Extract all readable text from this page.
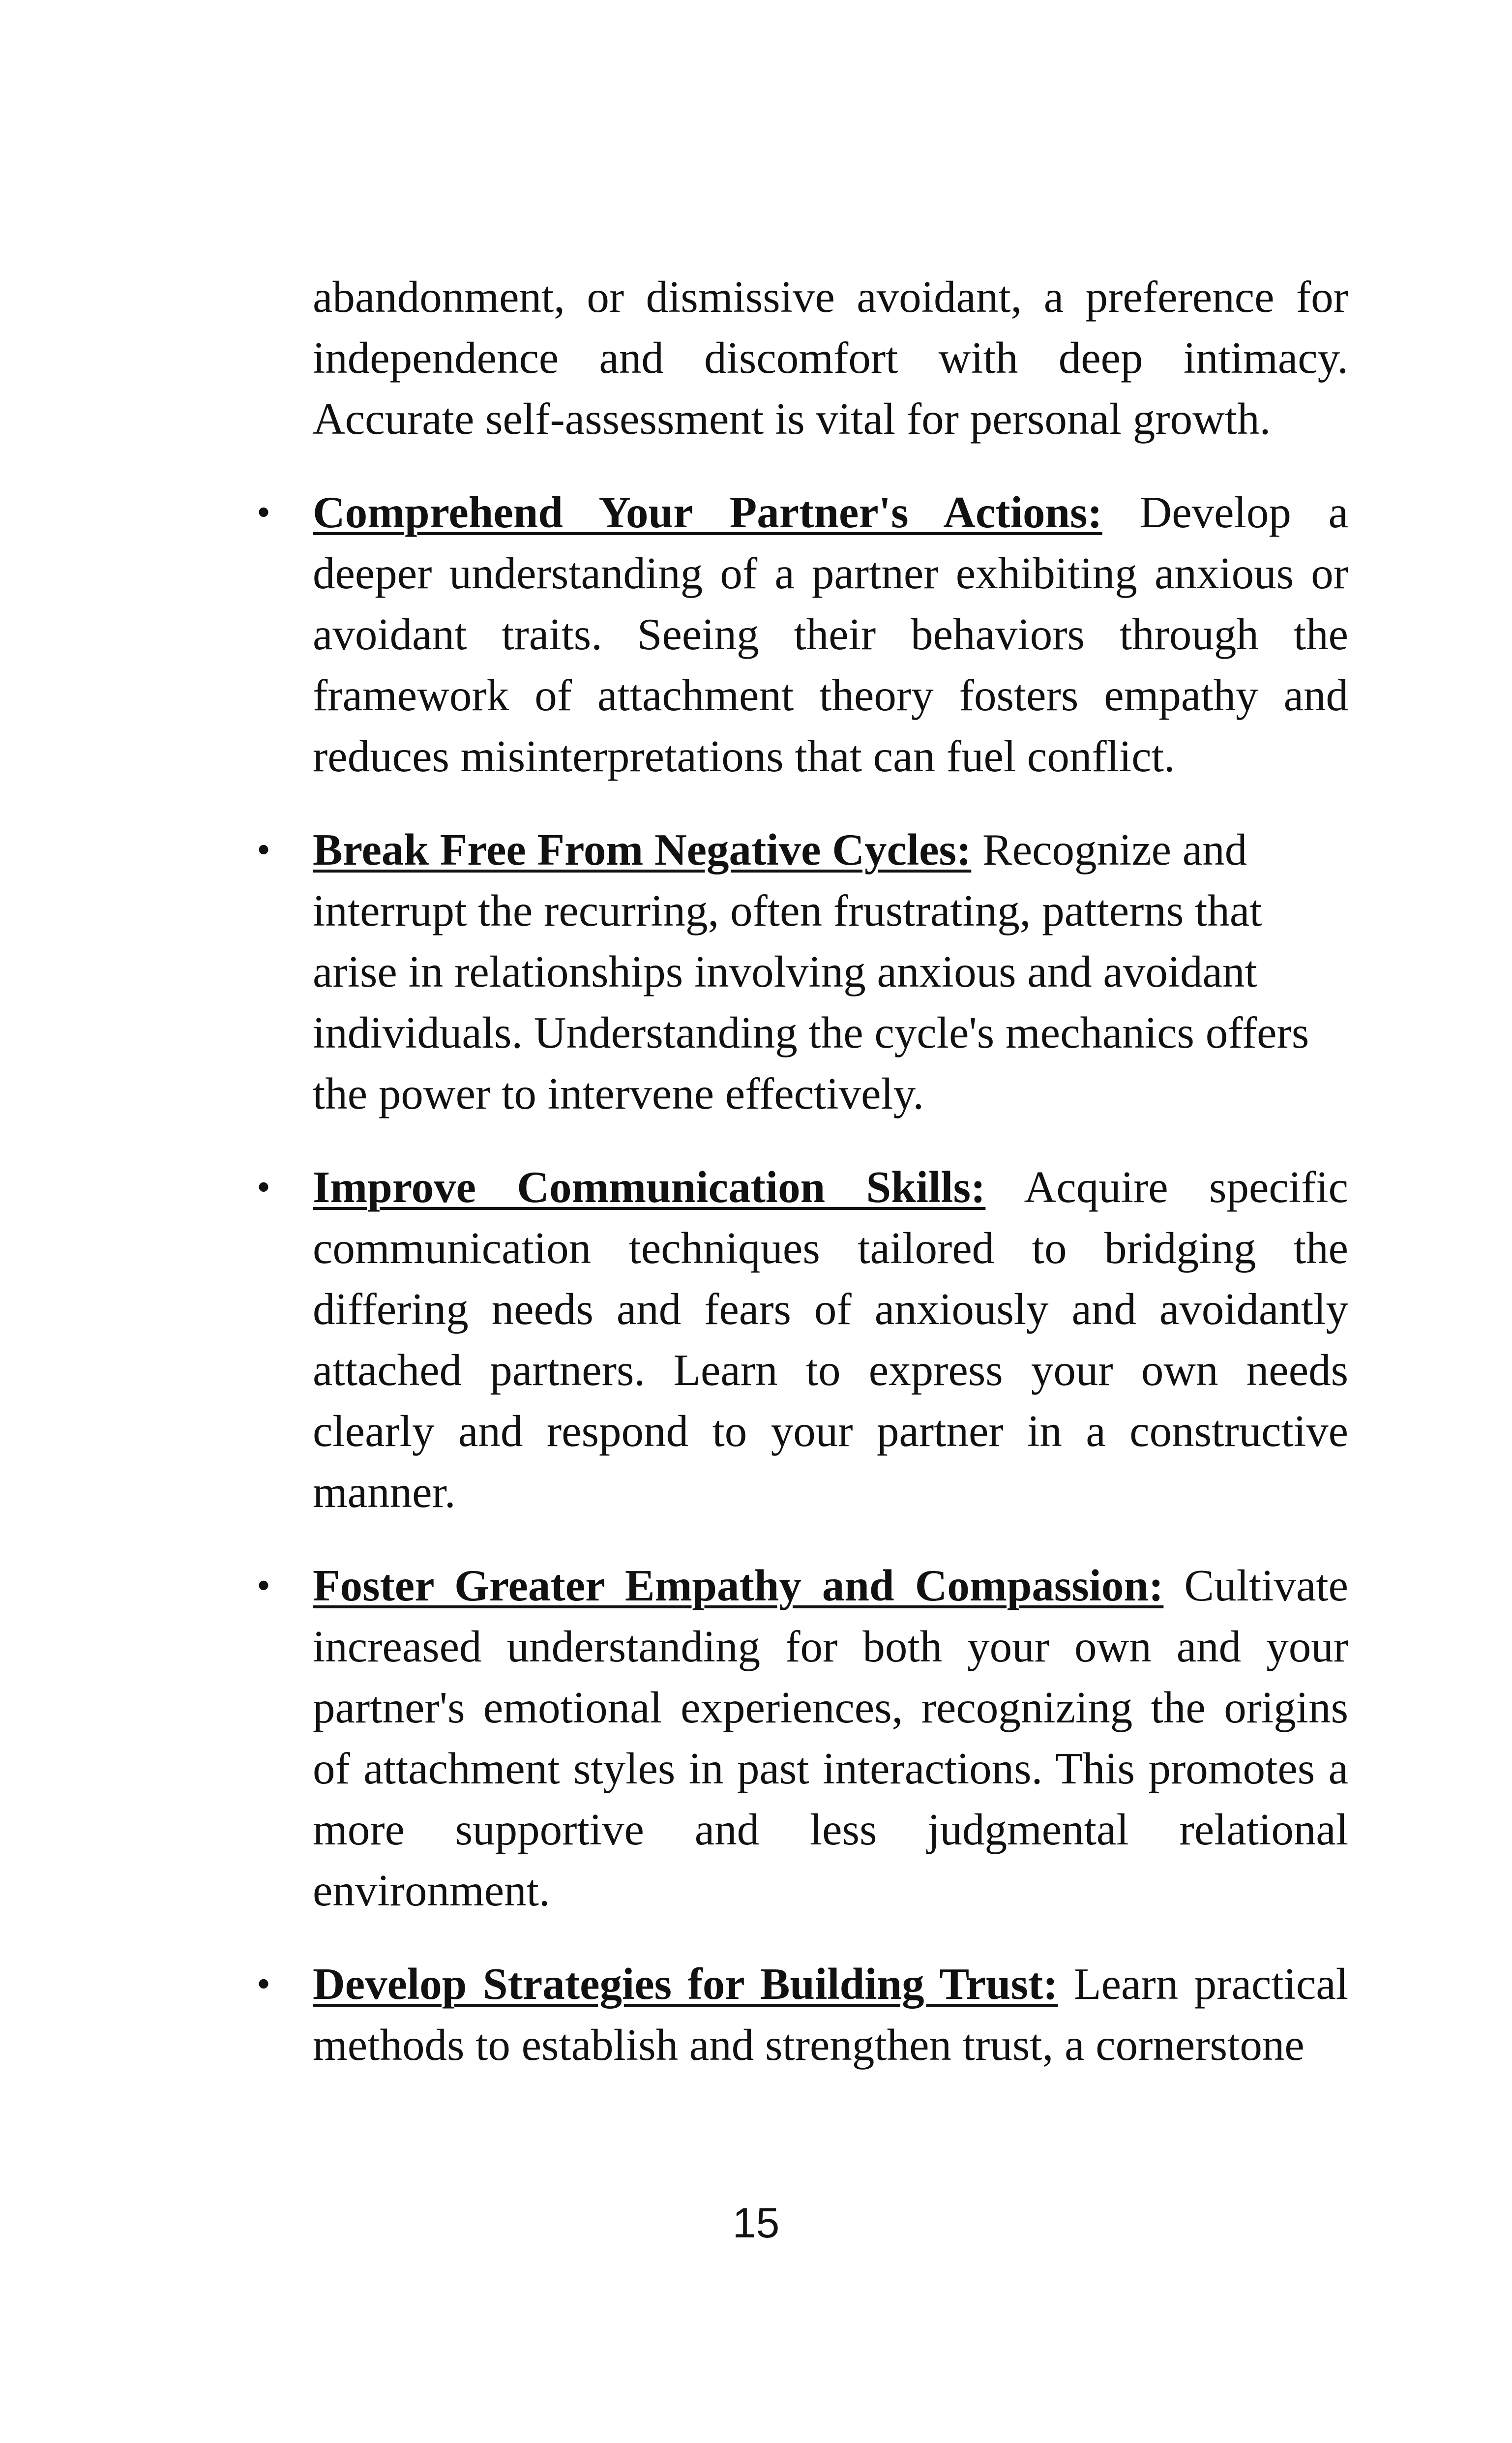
abandonment, or dismissive avoidant, a preference for independence and discomfort with deep intimacy. Accurate self-assessment is vital for personal growth.

• Comprehend Your Partner's Actions: Develop a deeper understanding of a partner exhibiting anxious or avoidant traits. Seeing their behaviors through the framework of attachment theory fosters empathy and reduces misinterpretations that can fuel conflict.

• Break Free From Negative Cycles: Recognize and interrupt the recurring, often frustrating, patterns that arise in relationships involving anxious and avoidant individuals. Understanding the cycle's mechanics offers the power to intervene effectively.

• Improve Communication Skills: Acquire specific communication techniques tailored to bridging the differing needs and fears of anxiously and avoidantly attached partners. Learn to express your own needs clearly and respond to your partner in a constructive manner.

• Foster Greater Empathy and Compassion: Cultivate increased understanding for both your own and your partner's emotional experiences, recognizing the origins of attachment styles in past interactions. This promotes a more supportive and less judgmental relational environment.

• Develop Strategies for Building Trust: Learn practical methods to establish and strengthen trust, a cornerstone

15
